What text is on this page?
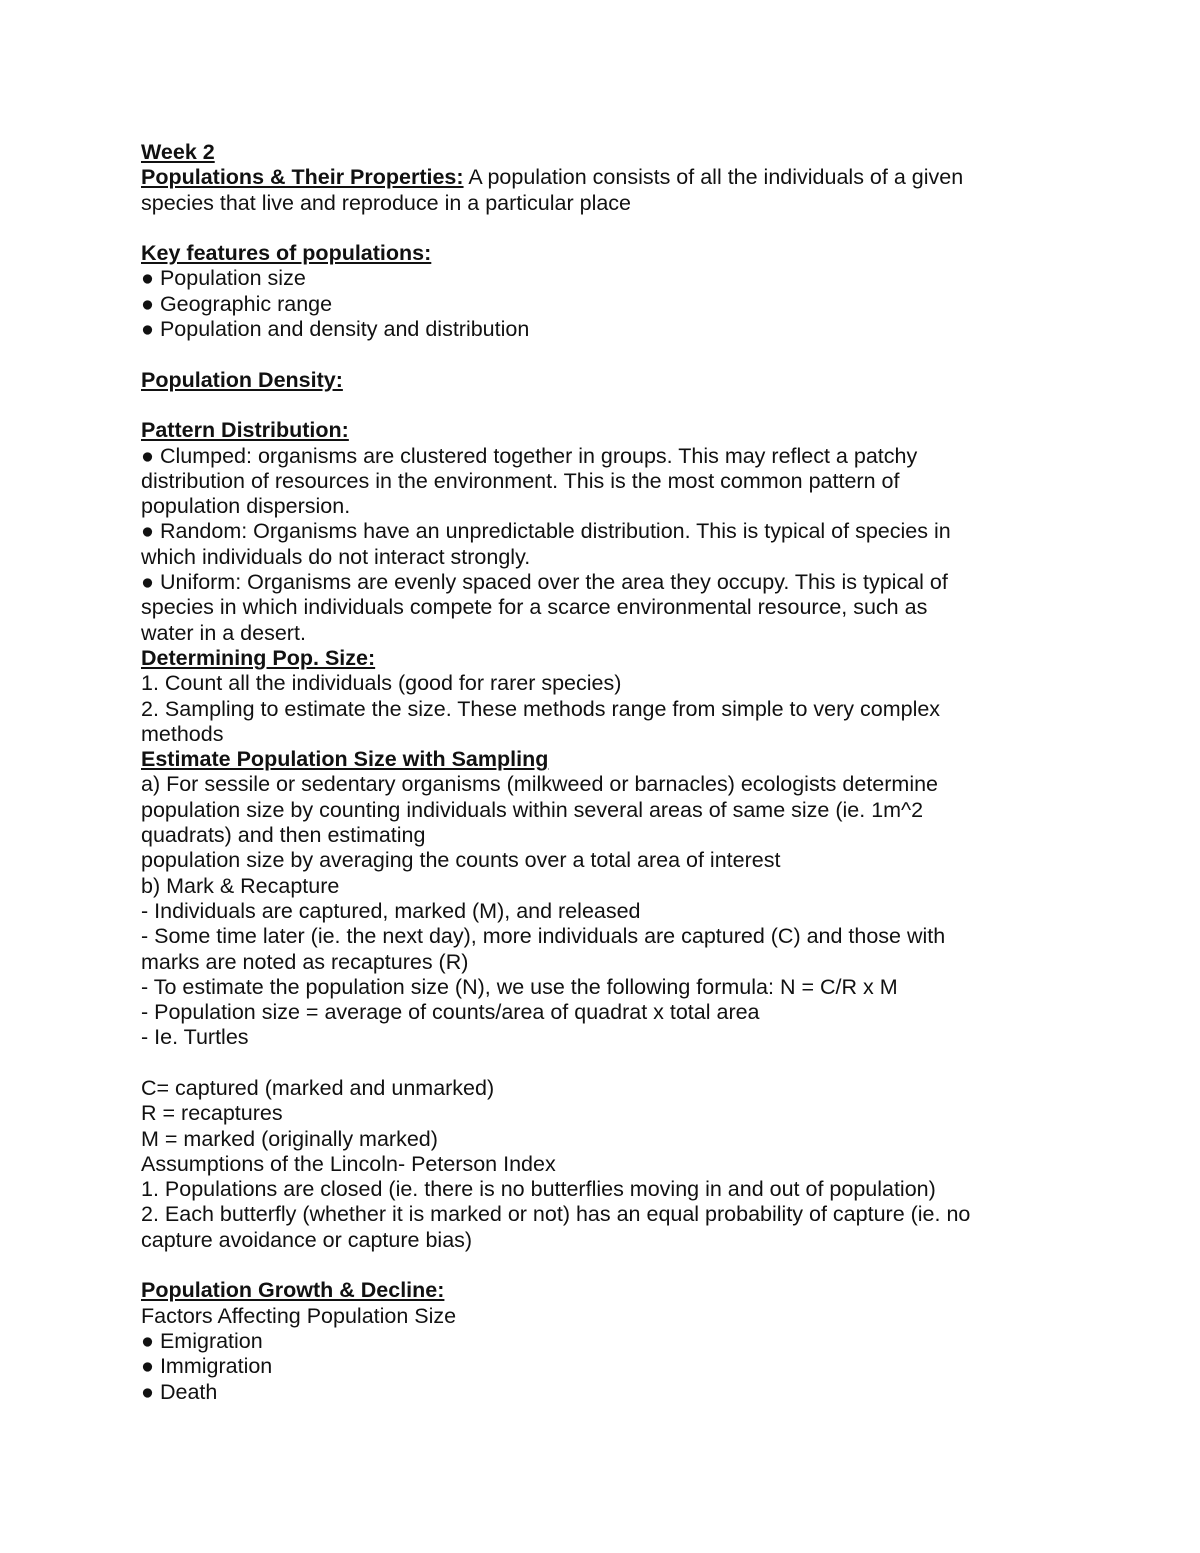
Week 2
Populations & Their Properties: A population consists of all the individuals of a given
species that live and reproduce in a particular place
Key features of populations:
● Population size
● Geographic range
● Population and density and distribution
Population Density:
Pattern Distribution:
● Clumped: organisms are clustered together in groups. This may reflect a patchy
distribution of resources in the environment. This is the most common pattern of
population dispersion.
● Random: Organisms have an unpredictable distribution. This is typical of species in
which individuals do not interact strongly.
● Uniform: Organisms are evenly spaced over the area they occupy. This is typical of
species in which individuals compete for a scarce environmental resource, such as
water in a desert.
Determining Pop. Size:
1. Count all the individuals (good for rarer species)
2. Sampling to estimate the size. These methods range from simple to very complex
methods
Estimate Population Size with Sampling
a) For sessile or sedentary organisms (milkweed or barnacles) ecologists determine
population size by counting individuals within several areas of same size (ie. 1m^2
quadrats) and then estimating
population size by averaging the counts over a total area of interest
b) Mark & Recapture
- Individuals are captured, marked (M), and released
- Some time later (ie. the next day), more individuals are captured (C) and those with
marks are noted as recaptures (R)
- To estimate the population size (N), we use the following formula: N = C/R x M
- Population size = average of counts/area of quadrat x total area
- Ie. Turtles
C= captured (marked and unmarked)
R = recaptures
M = marked (originally marked)
Assumptions of the Lincoln- Peterson Index
1. Populations are closed (ie. there is no butterflies moving in and out of population)
2. Each butterfly (whether it is marked or not) has an equal probability of capture (ie. no
capture avoidance or capture bias)
Population Growth & Decline:
Factors Affecting Population Size
● Emigration
● Immigration
● Death
